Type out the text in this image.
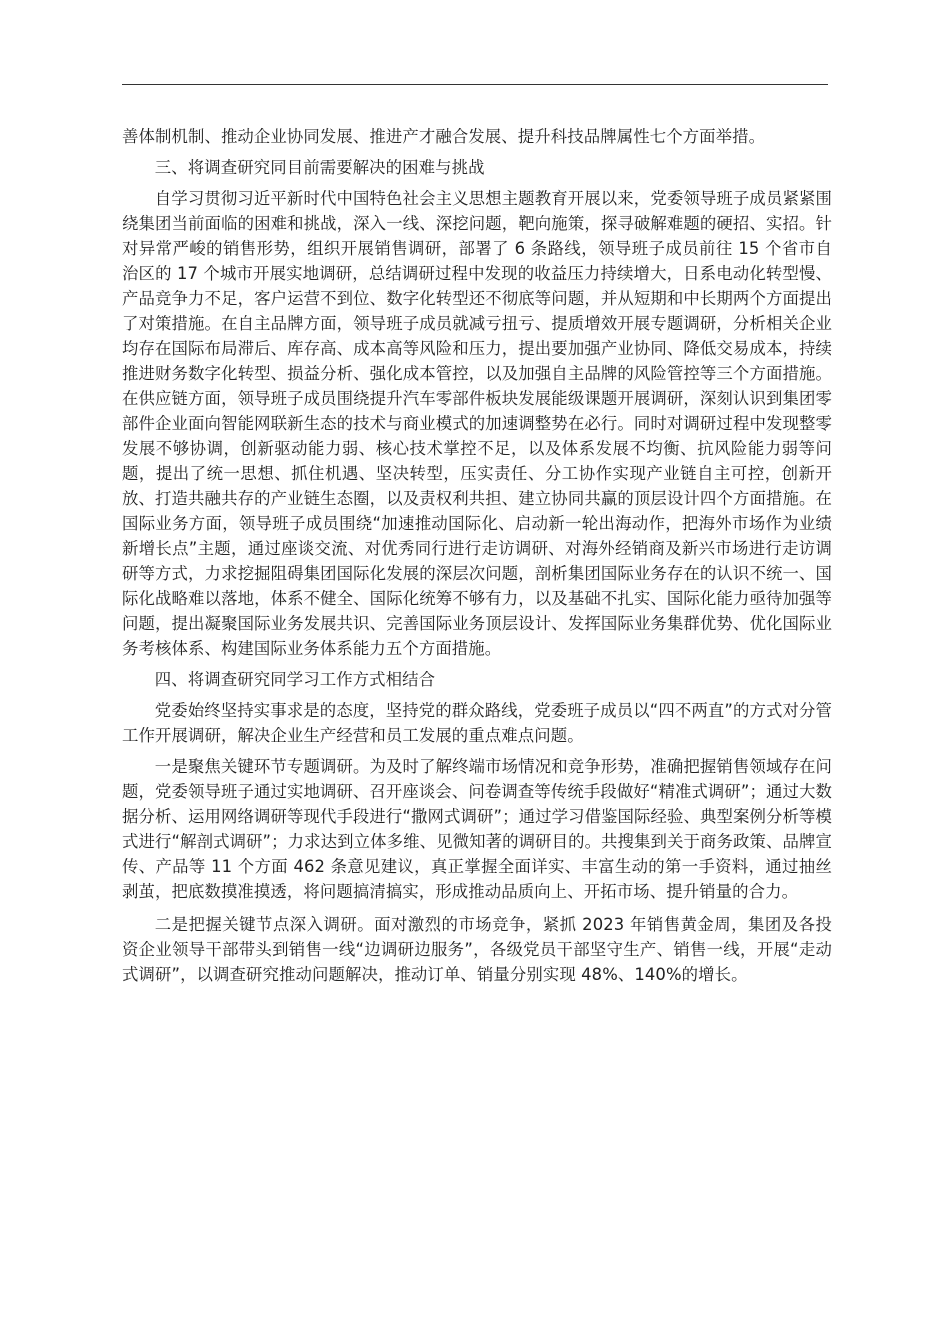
善体制机制、推动企业协同发展、推进产才融合发展、提升科技品牌属性七个方面举措。

三、将调查研究同目前需要解决的困难与挑战

自学习贯彻习近平新时代中国特色社会主义思想主题教育开展以来，党委领导班子成员紧紧围绕集团当前面临的困难和挑战，深入一线、深挖问题，靶向施策，探寻破解难题的硬招、实招。针对异常严峻的销售形势，组织开展销售调研，部署了 6 条路线，领导班子成员前往 15 个省市自治区的 17 个城市开展实地调研，总结调研过程中发现的收益压力持续增大，日系电动化转型慢、产品竞争力不足，客户运营不到位、数字化转型还不彻底等问题，并从短期和中长期两个方面提出了对策措施。在自主品牌方面，领导班子成员就减亏扭亏、提质增效开展专题调研，分析相关企业均存在国际布局滞后、库存高、成本高等风险和压力，提出要加强产业协同、降低交易成本，持续推进财务数字化转型、损益分析、强化成本管控，以及加强自主品牌的风险管控等三个方面措施。在供应链方面，领导班子成员围绕提升汽车零部件板块发展能级课题开展调研，深刻认识到集团零部件企业面向智能网联新生态的技术与商业模式的加速调整势在必行。同时对调研过程中发现整零发展不够协调，创新驱动能力弱、核心技术掌控不足，以及体系发展不均衡、抗风险能力弱等问题，提出了统一思想、抓住机遇、坚决转型，压实责任、分工协作实现产业链自主可控，创新开放、打造共融共存的产业链生态圈，以及责权利共担、建立协同共赢的顶层设计四个方面措施。在国际业务方面，领导班子成员围绕“加速推动国际化、启动新一轮出海动作，把海外市场作为业绩新增长点”主题，通过座谈交流、对优秀同行进行走访调研、对海外经销商及新兴市场进行走访调研等方式，力求挖掘阻碍集团国际化发展的深层次问题，剖析集团国际业务存在的认识不统一、国际化战略难以落地，体系不健全、国际化统筹不够有力，以及基础不扎实、国际化能力亟待加强等问题，提出凝聚国际业务发展共识、完善国际业务顶层设计、发挥国际业务集群优势、优化国际业务考核体系、构建国际业务体系能力五个方面措施。

四、将调查研究同学习工作方式相结合

党委始终坚持实事求是的态度，坚持党的群众路线，党委班子成员以“四不两直”的方式对分管工作开展调研，解决企业生产经营和员工发展的重点难点问题。

一是聚焦关键环节专题调研。为及时了解终端市场情况和竞争形势，准确把握销售领域存在问题，党委领导班子通过实地调研、召开座谈会、问卷调查等传统手段做好“精准式调研”；通过大数据分析、运用网络调研等现代手段进行“撒网式调研”；通过学习借鉴国际经验、典型案例分析等模式进行“解剖式调研”；力求达到立体多维、见微知著的调研目的。共搜集到关于商务政策、品牌宣传、产品等 11 个方面 462 条意见建议，真正掌握全面详实、丰富生动的第一手资料，通过抽丝剥茧，把底数摸准摸透，将问题搞清搞实，形成推动品质向上、开拓市场、提升销量的合力。

二是把握关键节点深入调研。面对激烈的市场竞争，紧抓 2023 年销售黄金周，集团及各投资企业领导干部带头到销售一线“边调研边服务”，各级党员干部坚守生产、销售一线，开展“走动式调研”，以调查研究推动问题解决，推动订单、销量分别实现 48%、140%的增长。
